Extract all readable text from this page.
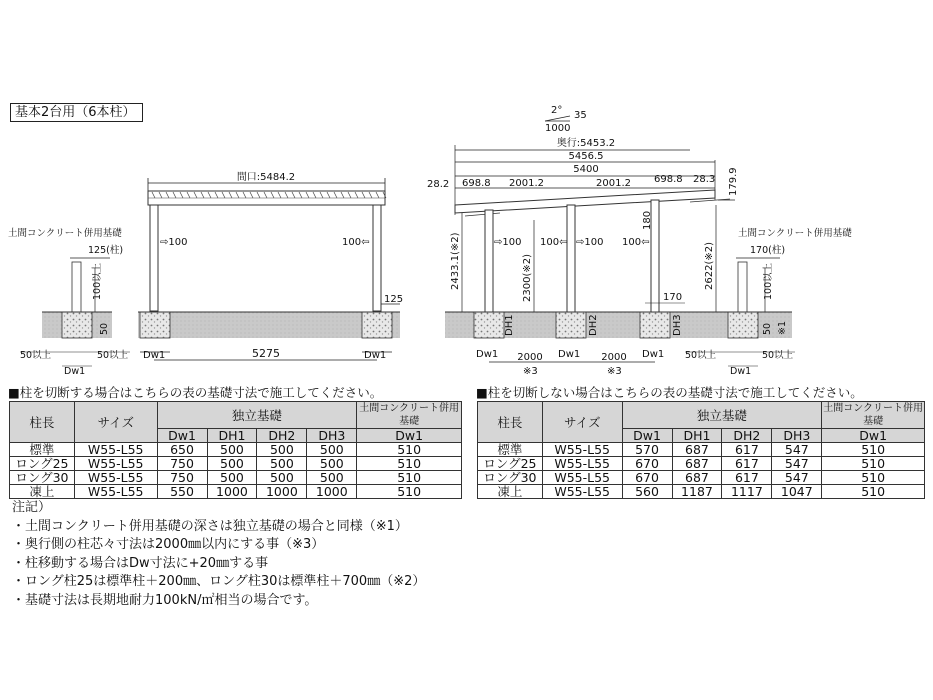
基本2台用（6本柱）
間口:5484.2
⇨100	100⇦
125
Dw1	Dw1
5275
土間コンクリート併用基礎
125(柱)
100以上
50
50以上	50以上
Dw1
2° 35
1000
奥行:5453.2
5456.5
5400
28.2 698.8 2001.2	2001.2 698.8 28.3 179.9
⇨100 100⇦ ⇨100 100⇦
2433.1(※2)	2300(※2)	2622(※2)
180
170
DH1	DH2	DH3
Dw1	Dw1	Dw1
2000	2000
※3	※3
土間コンクリート併用基礎
170(柱)
100以上
50 ※1
50以上	50以上
Dw1
■柱を切断する場合はこちらの表の基礎寸法で施工してください。
柱長	サイズ	独立基礎				土間コンクリート併用基礎
		Dw1	DH1	DH2	DH3	Dw1
標準	W55-L55	650	500	500	500	510
ロング25	W55-L55	750	500	500	500	510
ロング30	W55-L55	750	500	500	500	510
凍上	W55-L55	550	1000	1000	1000	510
■柱を切断しない場合はこちらの表の基礎寸法で施工してください。
柱長	サイズ	独立基礎				土間コンクリート併用基礎
		Dw1	DH1	DH2	DH3	Dw1
標準	W55-L55	570	687	617	547	510
ロング25	W55-L55	670	687	617	547	510
ロング30	W55-L55	670	687	617	547	510
凍上	W55-L55	560	1187	1117	1047	510
注記）
・土間コンクリート併用基礎の深さは独立基礎の場合と同様（※1）
・奥行側の柱芯々寸法は2000㎜以内にする事（※3）
・柱移動する場合はDw寸法に+20㎜する事
・ロング柱25は標準柱＋200㎜、ロング柱30は標準柱＋700㎜（※2）
・基礎寸法は長期地耐力100kN/㎡相当の場合です。
